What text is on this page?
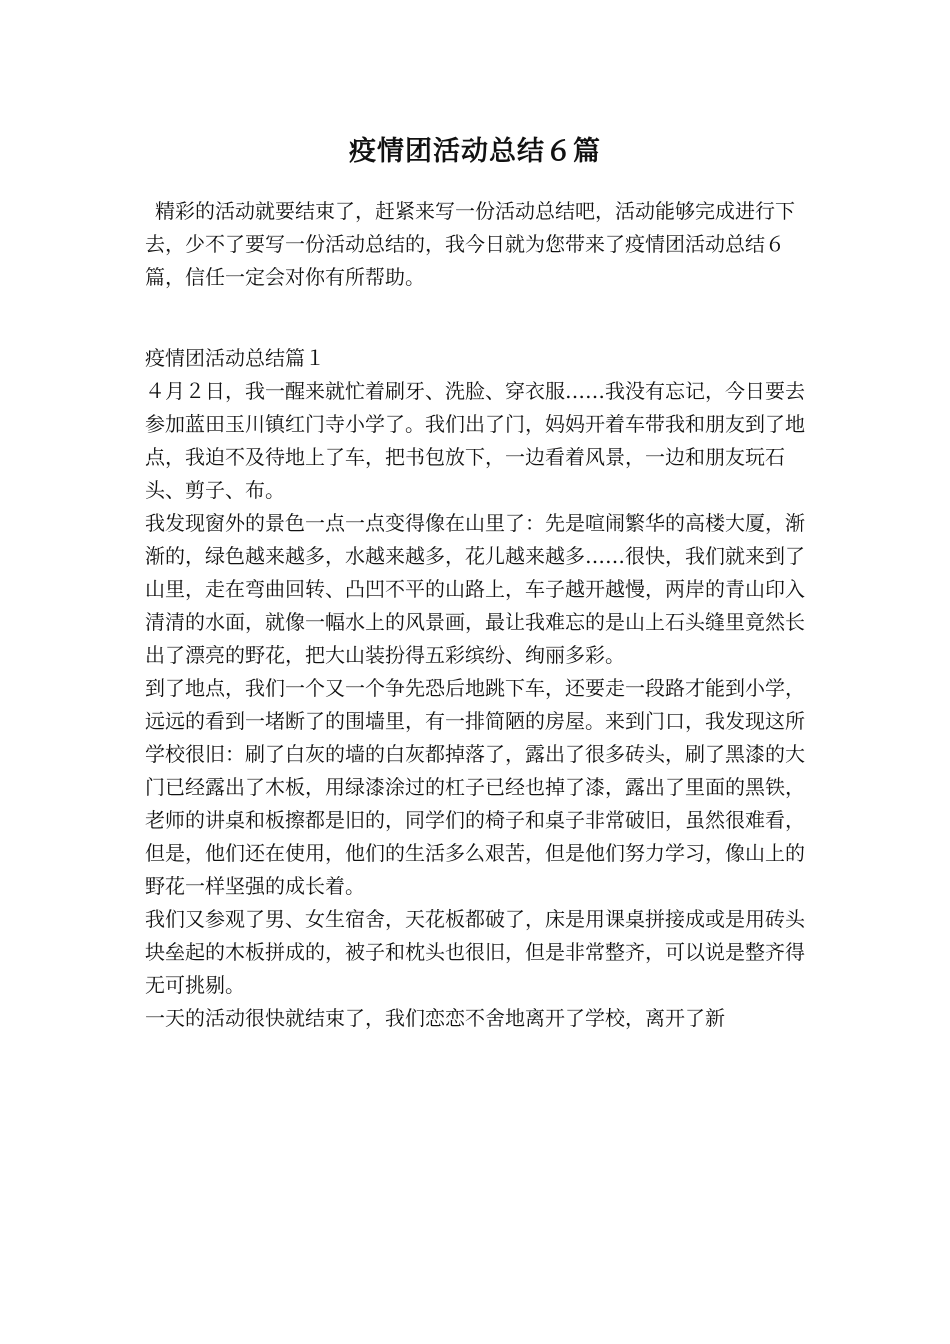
疫情团活动总结６篇

精彩的活动就要结束了，赶紧来写一份活动总结吧，活动能够完成进行下去，少不了要写一份活动总结的，我今日就为您带来了疫情团活动总结６篇，信任一定会对你有所帮助。

疫情团活动总结篇１

４月２日，我一醒来就忙着刷牙、洗脸、穿衣服……我没有忘记，今日要去参加蓝田玉川镇红门寺小学了。我们出了门，妈妈开着车带我和朋友到了地点，我迫不及待地上了车，把书包放下，一边看着风景，一边和朋友玩石头、剪子、布。

我发现窗外的景色一点一点变得像在山里了：先是喧闹繁华的高楼大厦，渐渐的，绿色越来越多，水越来越多，花儿越来越多……很快，我们就来到了山里，走在弯曲回转、凸凹不平的山路上，车子越开越慢，两岸的青山印入清清的水面，就像一幅水上的风景画，最让我难忘的是山上石头缝里竟然长出了漂亮的野花，把大山装扮得五彩缤纷、绚丽多彩。

到了地点，我们一个又一个争先恐后地跳下车，还要走一段路才能到小学，远远的看到一堵断了的围墙里，有一排简陋的房屋。来到门口，我发现这所学校很旧：刷了白灰的墙的白灰都掉落了，露出了很多砖头，刷了黑漆的大门已经露出了木板，用绿漆涂过的杠子已经也掉了漆，露出了里面的黑铁，老师的讲桌和板擦都是旧的，同学们的椅子和桌子非常破旧，虽然很难看，但是，他们还在使用，他们的生活多么艰苦，但是他们努力学习，像山上的野花一样坚强的成长着。

我们又参观了男、女生宿舍，天花板都破了，床是用课桌拼接成或是用砖头块垒起的木板拼成的，被子和枕头也很旧，但是非常整齐，可以说是整齐得无可挑剔。

一天的活动很快就结束了，我们恋恋不舍地离开了学校，离开了新
